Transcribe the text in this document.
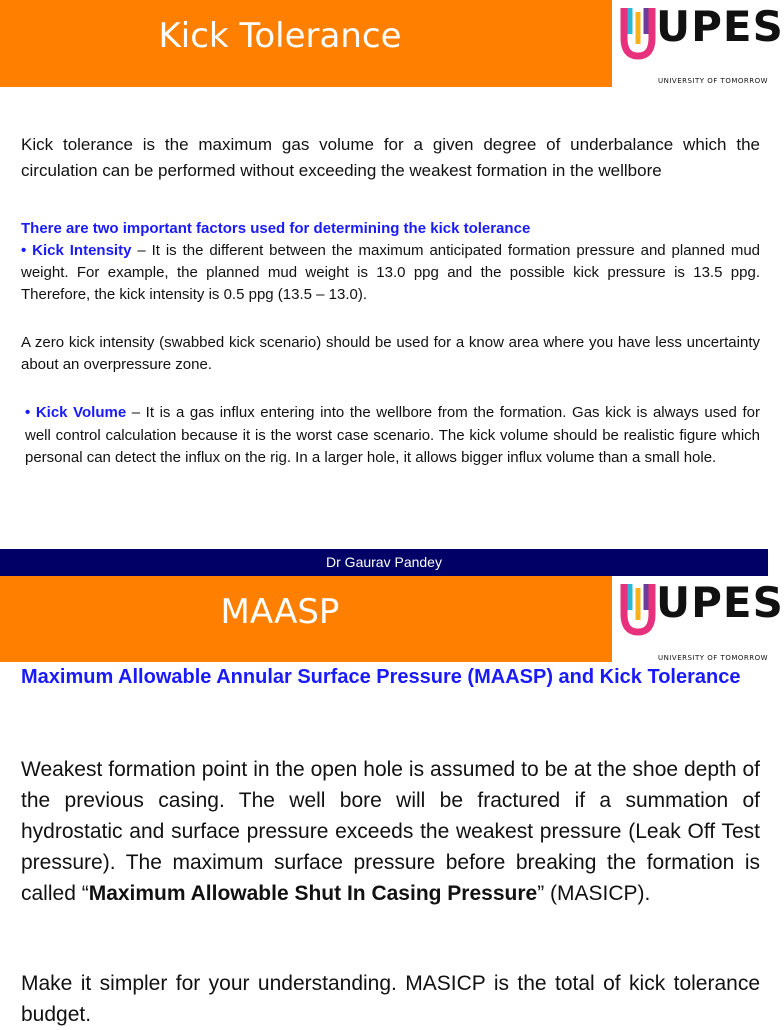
Kick Tolerance	UPES
UNIVERSITY OF TOMORROW
Kick tolerance is the maximum gas volume for a given degree of underbalance which the circulation can be performed without exceeding the weakest formation in the wellbore
There are two important factors used for determining the kick tolerance
• Kick Intensity – It is the different between the maximum anticipated formation pressure and planned mud weight. For example, the planned mud weight is 13.0 ppg and the possible kick pressure is 13.5 ppg. Therefore, the kick intensity is 0.5 ppg (13.5 – 13.0).
A zero kick intensity (swabbed kick scenario) should be used for a know area where you have less uncertainty about an overpressure zone.
• Kick Volume – It is a gas influx entering into the wellbore from the formation. Gas kick is always used for well control calculation because it is the worst case scenario. The kick volume should be realistic figure which personal can detect the influx on the rig. In a larger hole, it allows bigger influx volume than a small hole.
Dr Gaurav Pandey
MAASP	UPES
UNIVERSITY OF TOMORROW
Maximum Allowable Annular Surface Pressure (MAASP) and Kick Tolerance
Weakest formation point in the open hole is assumed to be at the shoe depth of the previous casing. The well bore will be fractured if a summation of hydrostatic and surface pressure exceeds the weakest pressure (Leak Off Test pressure). The maximum surface pressure before breaking the formation is called “Maximum Allowable Shut In Casing Pressure” (MASICP).
Make it simpler for your understanding. MASICP is the total of kick tolerance budget.
